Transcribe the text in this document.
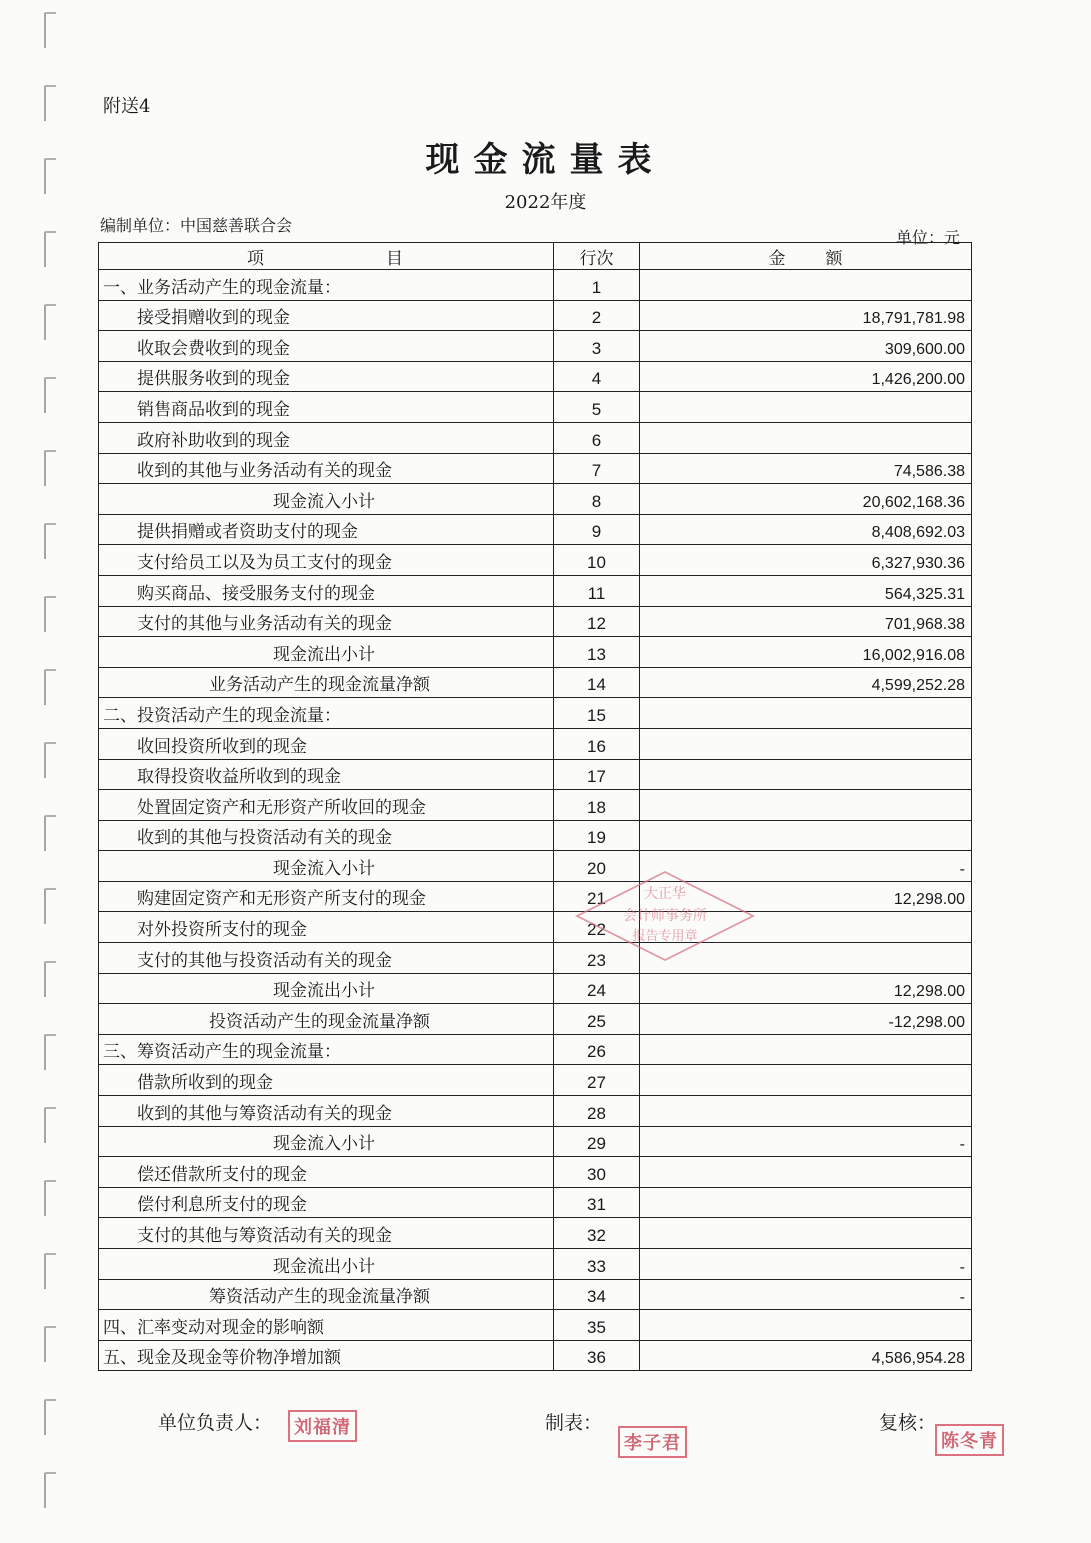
附送4
现金流量表
2022年度
编制单位：中国慈善联合会
单位：元
项 目	行次	金 额
一、业务活动产生的现金流量：	1	
接受捐赠收到的现金	2	18,791,781.98
收取会费收到的现金	3	309,600.00
提供服务收到的现金	4	1,426,200.00
销售商品收到的现金	5	
政府补助收到的现金	6	
收到的其他与业务活动有关的现金	7	74,586.38
现金流入小计	8	20,602,168.36
提供捐赠或者资助支付的现金	9	8,408,692.03
支付给员工以及为员工支付的现金	10	6,327,930.36
购买商品、接受服务支付的现金	11	564,325.31
支付的其他与业务活动有关的现金	12	701,968.38
现金流出小计	13	16,002,916.08
业务活动产生的现金流量净额	14	4,599,252.28
二、投资活动产生的现金流量：	15	
收回投资所收到的现金	16	
取得投资收益所收到的现金	17	
处置固定资产和无形资产所收回的现金	18	
收到的其他与投资活动有关的现金	19	
现金流入小计	20	-
购建固定资产和无形资产所支付的现金	21	12,298.00
对外投资所支付的现金	22	
支付的其他与投资活动有关的现金	23	
现金流出小计	24	12,298.00
投资活动产生的现金流量净额	25	-12,298.00
三、筹资活动产生的现金流量：	26	
借款所收到的现金	27	
收到的其他与筹资活动有关的现金	28	
现金流入小计	29	-
偿还借款所支付的现金	30	
偿付利息所支付的现金	31	
支付的其他与筹资活动有关的现金	32	
现金流出小计	33	-
筹资活动产生的现金流量净额	34	-
四、汇率变动对现金的影响额	35	
五、现金及现金等价物净增加额	36	4,586,954.28
大正华
会计师事务所
报告专用章
单位负责人：	刘福清	制表：
李子君
复核：
陈冬青
